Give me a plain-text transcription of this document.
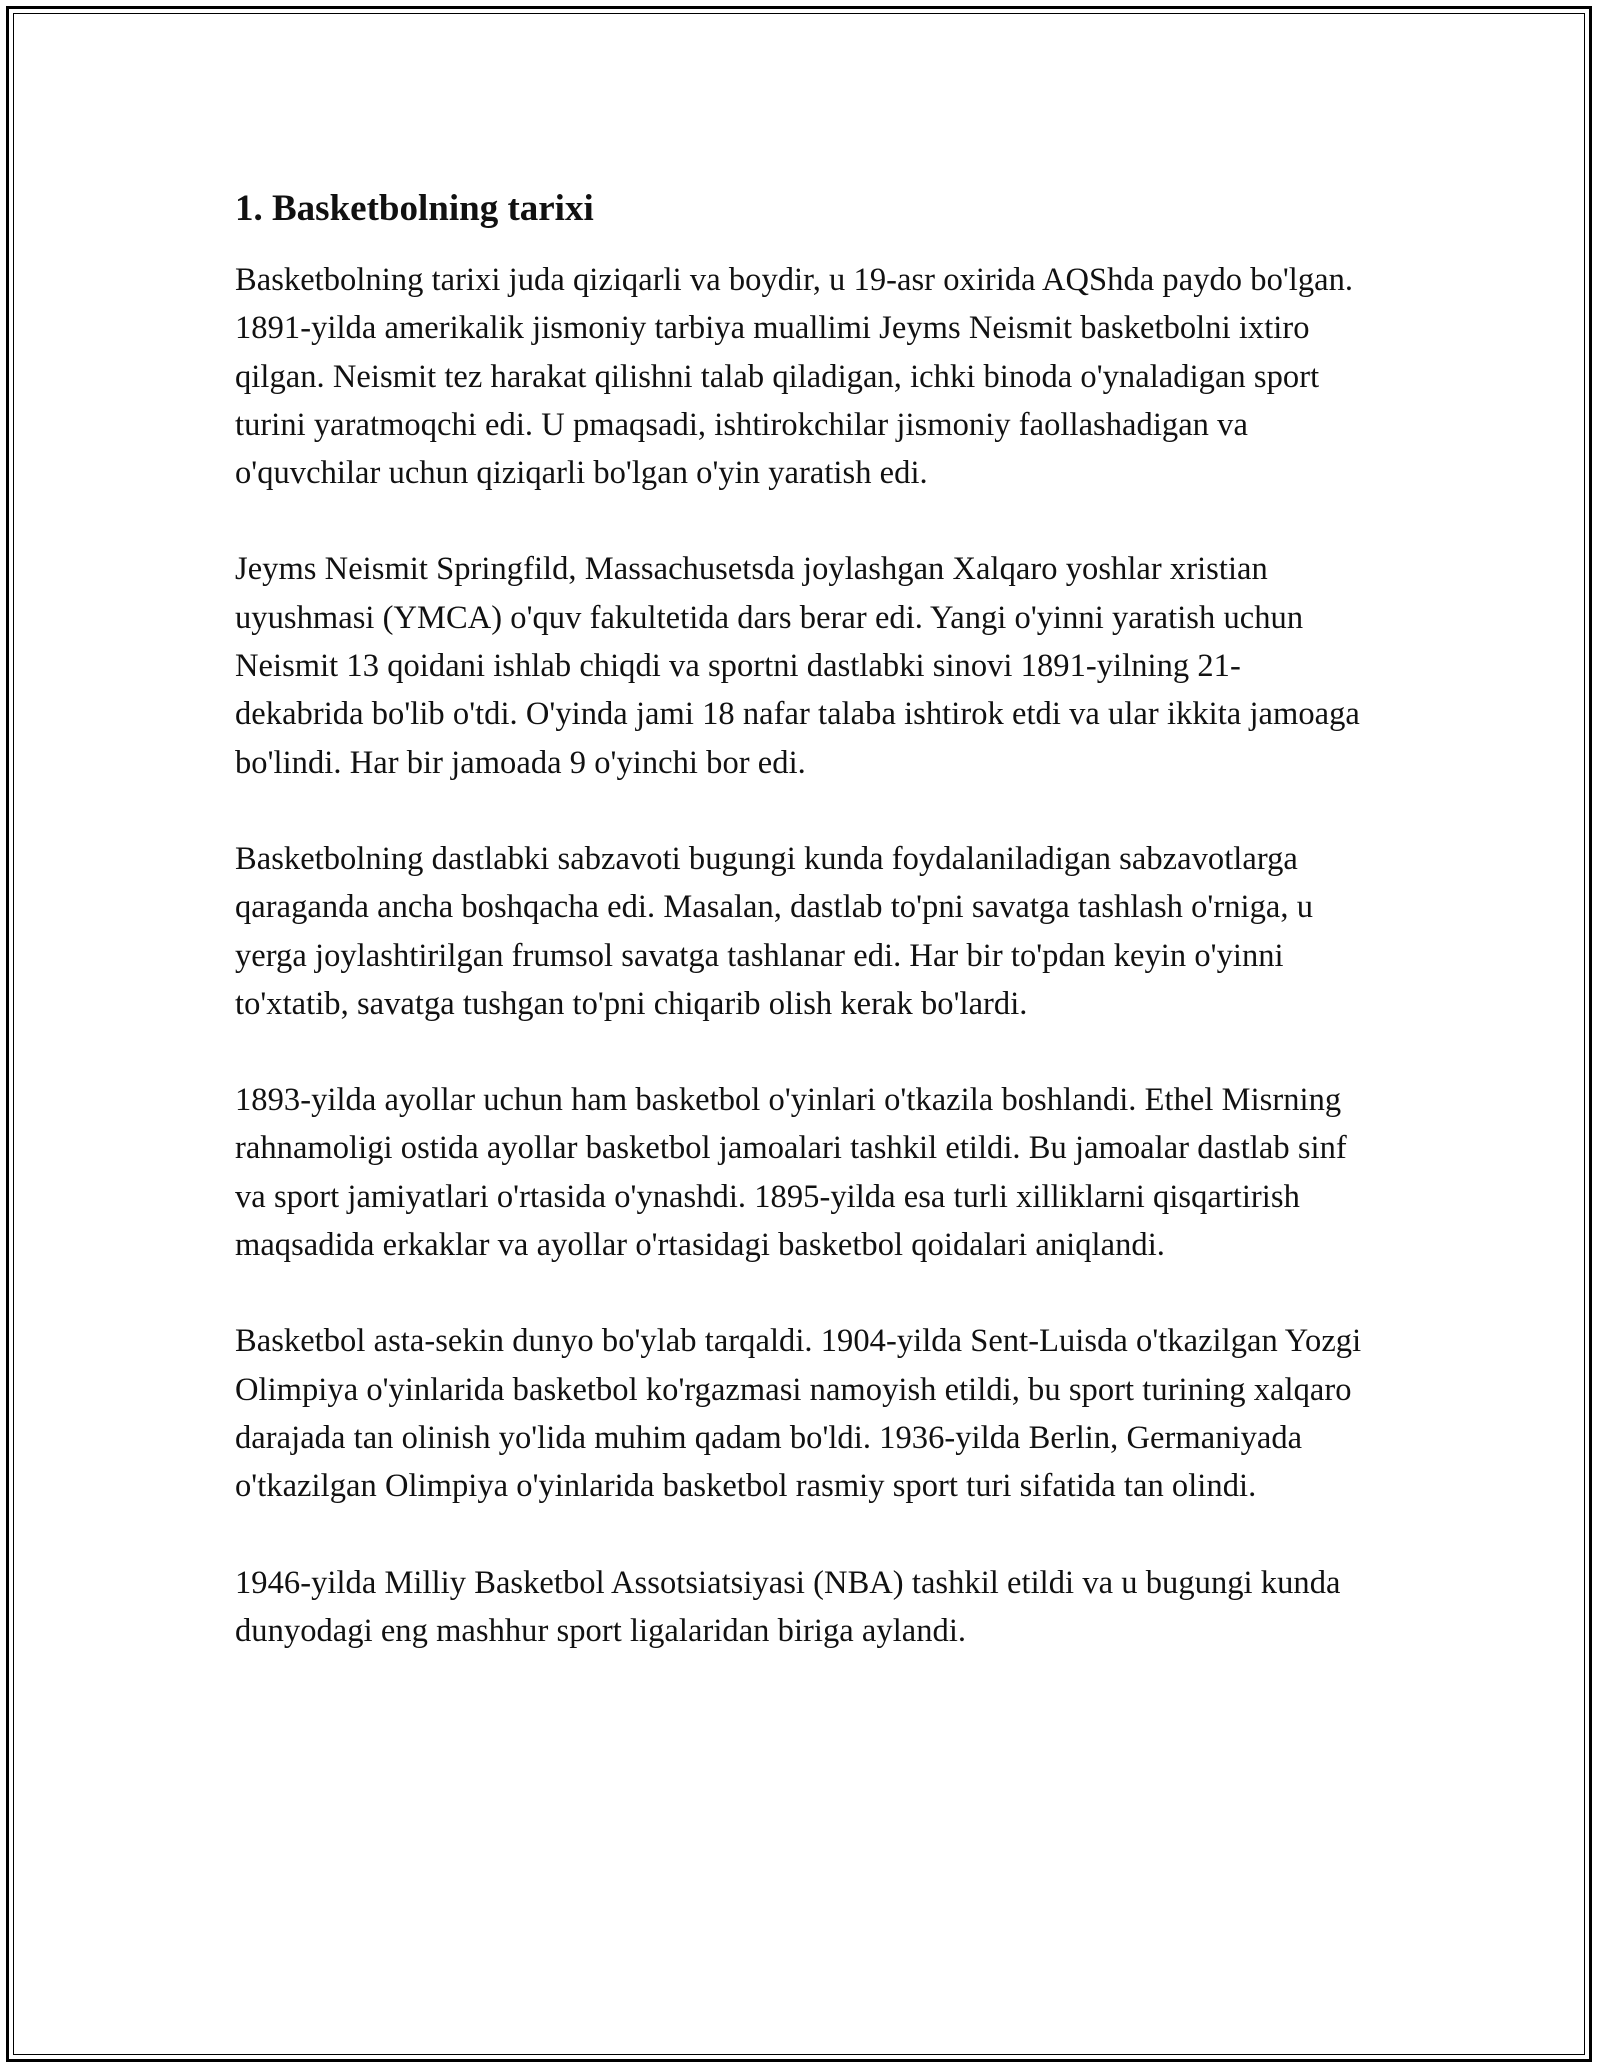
1. Basketbolning tarixi

Basketbolning tarixi juda qiziqarli va boydir, u 19-asr oxirida AQShda paydo bo'lgan. 1891-yilda amerikalik jismoniy tarbiya muallimi Jeyms Neismit basketbolni ixtiro qilgan. Neismit tez harakat qilishni talab qiladigan, ichki binoda o'ynaladigan sport turini yaratmoqchi edi. U pmaqsadi, ishtirokchilar jismoniy faollashadigan va o'quvchilar uchun qiziqarli bo'lgan o'yin yaratish edi.

Jeyms Neismit Springfild, Massachusetsda joylashgan Xalqaro yoshlar xristian uyushmasi (YMCA) o'quv fakultetida dars berar edi. Yangi o'yinni yaratish uchun Neismit 13 qoidani ishlab chiqdi va sportni dastlabki sinovi 1891-yilning 21-dekabrida bo'lib o'tdi. O'yinda jami 18 nafar talaba ishtirok etdi va ular ikkita jamoaga bo'lindi. Har bir jamoada 9 o'yinchi bor edi.

Basketbolning dastlabki sabzavoti bugungi kunda foydalaniladigan sabzavotlarga qaraganda ancha boshqacha edi. Masalan, dastlab to'pni savatga tashlash o'rniga, u yerga joylashtirilgan frumsol savatga tashlanar edi. Har bir to'pdan keyin o'yinni to'xtatib, savatga tushgan to'pni chiqarib olish kerak bo'lardi.

1893-yilda ayollar uchun ham basketbol o'yinlari o'tkazila boshlandi. Ethel Misrning rahnamoligi ostida ayollar basketbol jamoalari tashkil etildi. Bu jamoalar dastlab sinf va sport jamiyatlari o'rtasida o'ynashdi. 1895-yilda esa turli xilliklarni qisqartirish maqsadida erkaklar va ayollar o'rtasidagi basketbol qoidalari aniqlandi.

Basketbol asta-sekin dunyo bo'ylab tarqaldi. 1904-yilda Sent-Luisda o'tkazilgan Yozgi Olimpiya o'yinlarida basketbol ko'rgazmasi namoyish etildi, bu sport turining xalqaro darajada tan olinish yo'lida muhim qadam bo'ldi. 1936-yilda Berlin, Germaniyada o'tkazilgan Olimpiya o'yinlarida basketbol rasmiy sport turi sifatida tan olindi.

1946-yilda Milliy Basketbol Assotsiatsiyasi (NBA) tashkil etildi va u bugungi kunda dunyodagi eng mashhur sport ligalaridan biriga aylandi.
